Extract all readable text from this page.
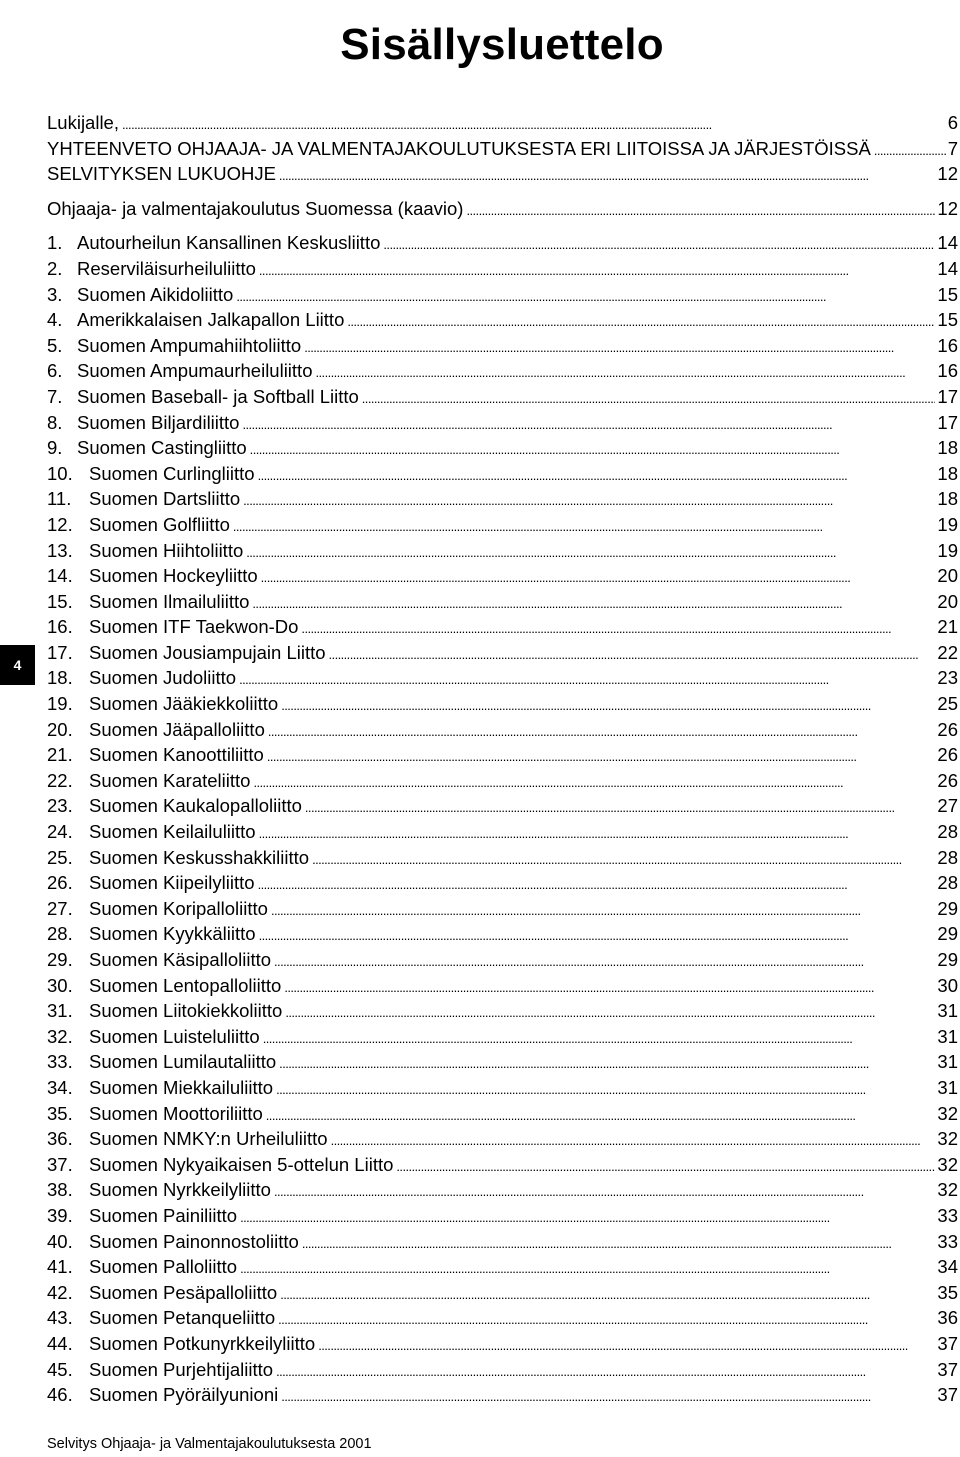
Sisällysluettelo
4
Lukijalle, . . .	6
YHTEENVETO OHJAAJA- JA VALMENTAJAKOULUTUKSESTA ERI LIITOISSA JA JÄRJESTÖISSÄ . . .	7
SELVITYKSEN LUKUOHJE . . .	12
Ohjaaja- ja valmentajakoulutus Suomessa (kaavio) . . .	12
1. Autourheilun Kansallinen Keskusliitto . . .	14
2. Reserviläisurheiluliitto . . .	14
3. Suomen Aikidoliitto . . .	15
4. Amerikkalaisen Jalkapallon Liitto . . .	15
5. Suomen Ampumahiihtoliitto . . .	16
6. Suomen Ampumaurheiluliitto . . .	16
7. Suomen Baseball- ja Softball Liitto . . .	17
8. Suomen Biljardiliitto . . .	17
9. Suomen Castingliitto . . .	18
10. Suomen Curlingliitto . . .	18
11. Suomen Dartsliitto . . .	18
12. Suomen Golfliitto . . .	19
13. Suomen Hiihtoliitto . . .	19
14. Suomen Hockeyliitto . . .	20
15. Suomen Ilmailuliitto . . .	20
16. Suomen ITF Taekwon-Do . . .	21
17. Suomen Jousiampujain Liitto . . .	22
18. Suomen Judoliitto . . .	23
19. Suomen Jääkiekkoliitto . . .	25
20. Suomen Jääpalloliitto . . .	26
21. Suomen Kanoottiliitto . . .	26
22. Suomen Karateliitto . . .	26
23. Suomen Kaukalopalloliitto . . .	27
24. Suomen Keilailuliitto . . .	28
25. Suomen Keskusshakkiliitto . . .	28
26. Suomen Kiipeilyliitto . . .	28
27. Suomen Koripalloliitto . . .	29
28. Suomen Kyykkäliitto . . .	29
29. Suomen Käsipalloliitto . . .	29
30. Suomen Lentopalloliitto . . .	30
31. Suomen Liitokiekkoliitto . . .	31
32. Suomen Luisteluliitto . . .	31
33. Suomen Lumilautaliitto . . .	31
34. Suomen Miekkailuliitto . . .	31
35. Suomen Moottoriliitto . . .	32
36. Suomen NMKY:n Urheiluliitto . . .	32
37. Suomen Nykyaikaisen 5-ottelun Liitto . . .	32
38. Suomen Nyrkkeilyliitto . . .	32
39. Suomen Painiliitto . . .	33
40. Suomen Painonnostoliitto . . .	33
41. Suomen Palloliitto . . .	34
42. Suomen Pesäpalloliitto . . .	35
43. Suomen Petanqueliitto . . .	36
44. Suomen Potkunyrkkeilyliitto . . .	37
45. Suomen Purjehtijaliitto . . .	37
46. Suomen Pyöräilyunioni . . .	37
Selvitys Ohjaaja- ja Valmentajakoulutuksesta 2001
